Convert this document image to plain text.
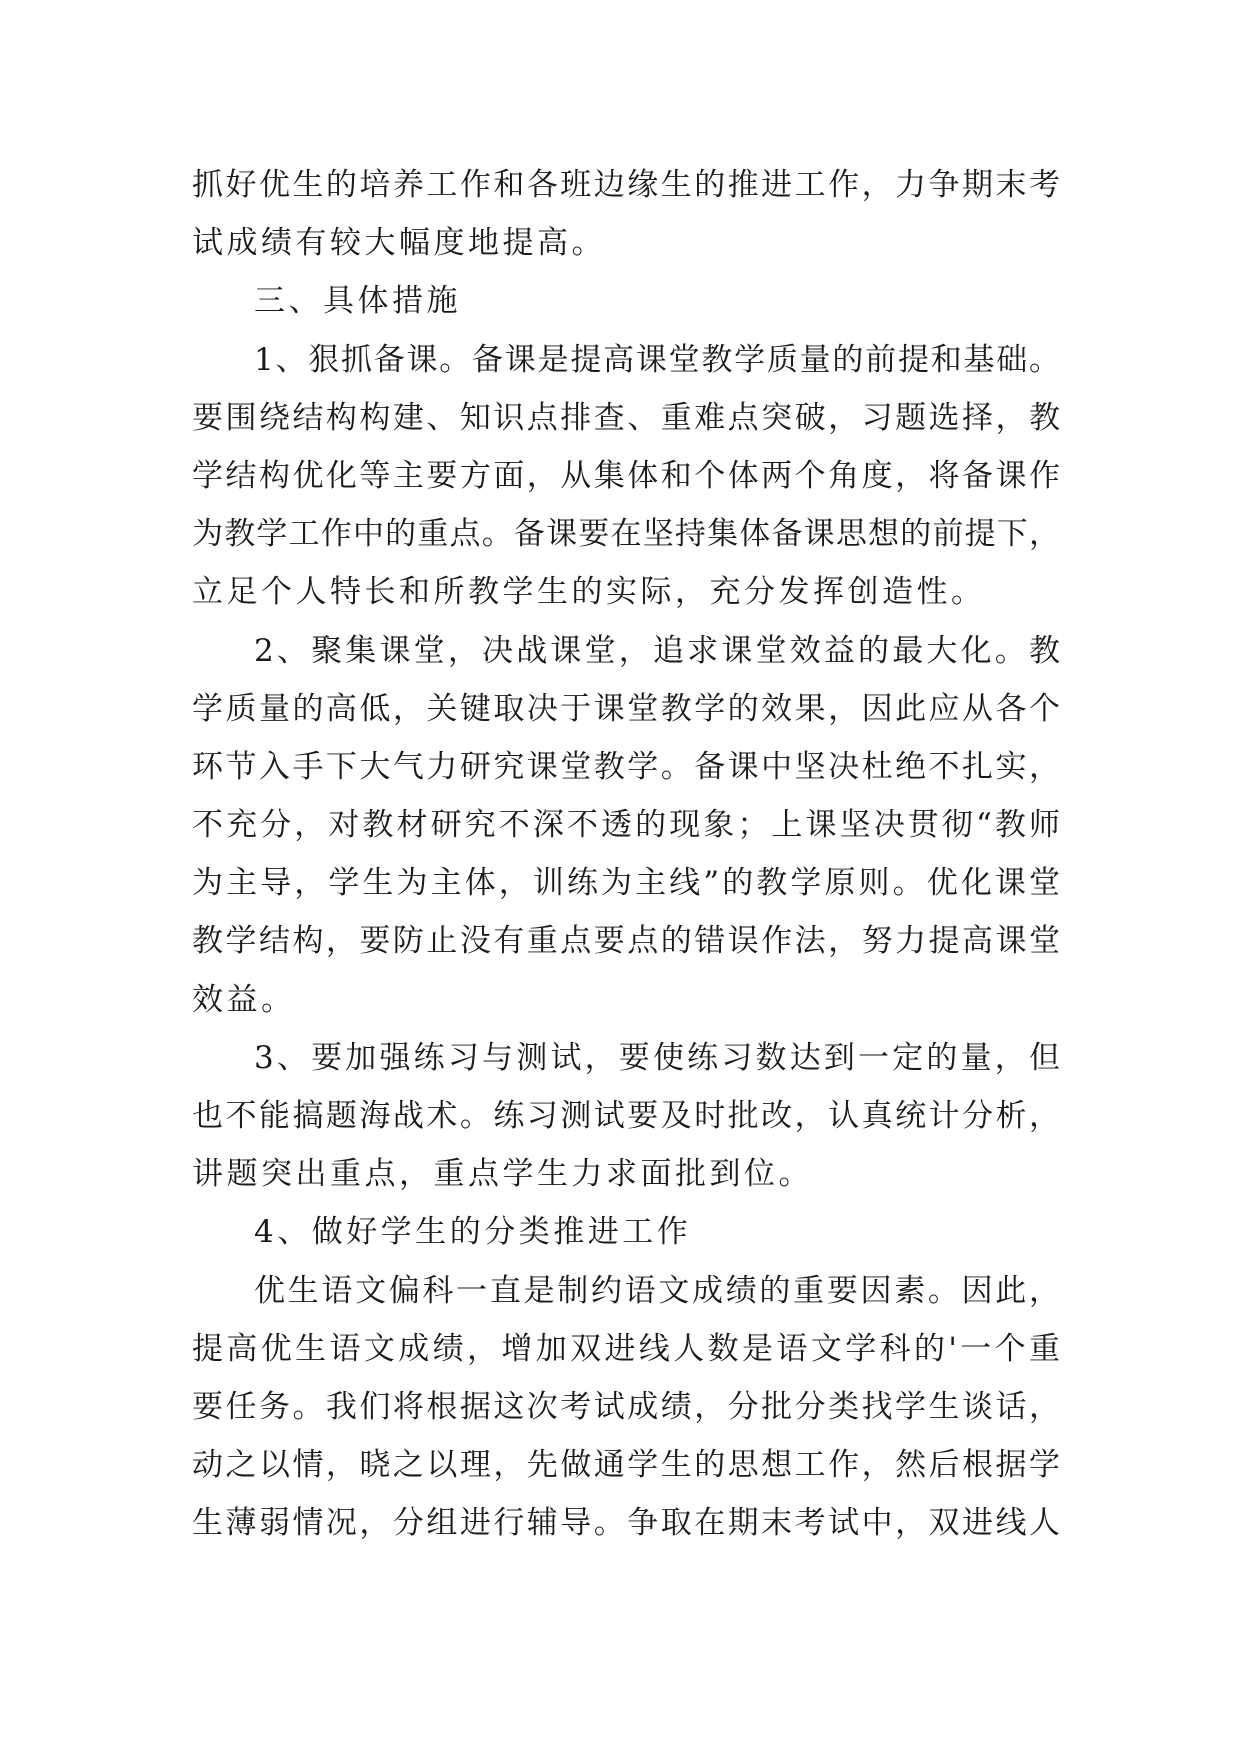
抓好优生的培养工作和各班边缘生的推进工作，力争期末考
试成绩有较大幅度地提高。
三、具体措施
1、狠抓备课。备课是提高课堂教学质量的前提和基础。
要围绕结构构建、知识点排查、重难点突破，习题选择，教
学结构优化等主要方面，从集体和个体两个角度，将备课作
为教学工作中的重点。备课要在坚持集体备课思想的前提下，
立足个人特长和所教学生的实际，充分发挥创造性。
2、聚集课堂，决战课堂，追求课堂效益的最大化。教
学质量的高低，关键取决于课堂教学的效果，因此应从各个
环节入手下大气力研究课堂教学。备课中坚决杜绝不扎实，
不充分，对教材研究不深不透的现象；上课坚决贯彻“教师
为主导，学生为主体，训练为主线”的教学原则。优化课堂
教学结构，要防止没有重点要点的错误作法，努力提高课堂
效益。
3、要加强练习与测试，要使练习数达到一定的量，但
也不能搞题海战术。练习测试要及时批改，认真统计分析，
讲题突出重点，重点学生力求面批到位。
4、做好学生的分类推进工作
优生语文偏科一直是制约语文成绩的重要因素。因此，
提高优生语文成绩，增加双进线人数是语文学科的'一个重
要任务。我们将根据这次考试成绩，分批分类找学生谈话，
动之以情，晓之以理，先做通学生的思想工作，然后根据学
生薄弱情况，分组进行辅导。争取在期末考试中，双进线人
